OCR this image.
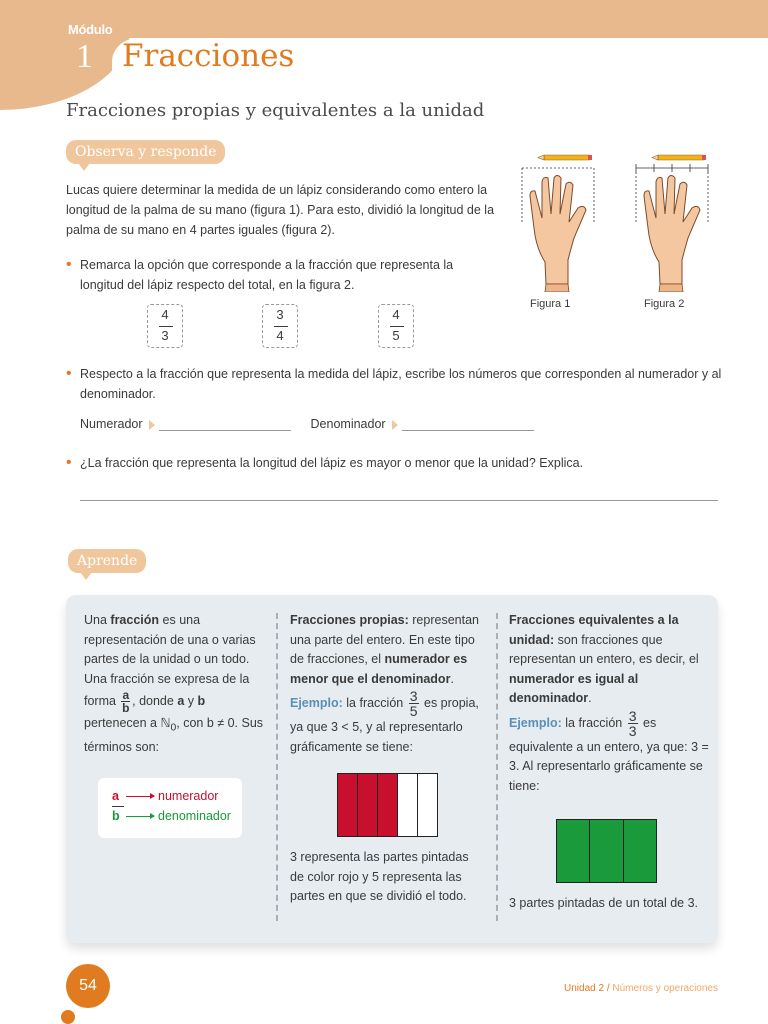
Módulo
1 Fracciones
Fracciones propias y equivalentes a la unidad
Observa y responde

Lucas quiere determinar la medida de un lápiz considerando como entero la longitud de la palma de su mano (figura 1). Para esto, dividió la longitud de la palma de su mano en 4 partes iguales (figura 2).

• Remarca la opción que corresponde a la fracción que representa la longitud del lápiz respecto del total, en la figura 2.
4
3
3
4
4
5
Figura 1	Figura 2
• Respecto a la fracción que representa la medida del lápiz, escribe los números que corresponden al numerador y al denominador.
Numerador	Denominador
• ¿La fracción que representa la longitud del lápiz es mayor o menor que la unidad? Explica.
Aprende
Una fracción es una representación de una o varias partes de la unidad o un todo. Una fracción se expresa de la forma $\frac{a}{b}$ , donde a y b pertenecen a ℕ$_0$, con b ≠ 0. Sus términos son:
a	numerador
b	denominador
Fracciones propias: representan una parte del entero. En este tipo de fracciones, el numerador es menor que el denominador.
Ejemplo: la fracción $\frac{3}{5}$ es propia, ya que 3 < 5, y al representarlo gráficamente se tiene:
3 representa las partes pintadas de color rojo y 5 representa las partes en que se dividió el todo.
Fracciones equivalentes a la unidad: son fracciones que representan un entero, es decir, el numerador es igual al denominador.
Ejemplo: la fracción $\frac{3}{3}$ es equivalente a un entero, ya que: 3 = 3. Al representarlo gráficamente se tiene:
3 partes pintadas de un total de 3.
54	Unidad 2 / Números y operaciones
